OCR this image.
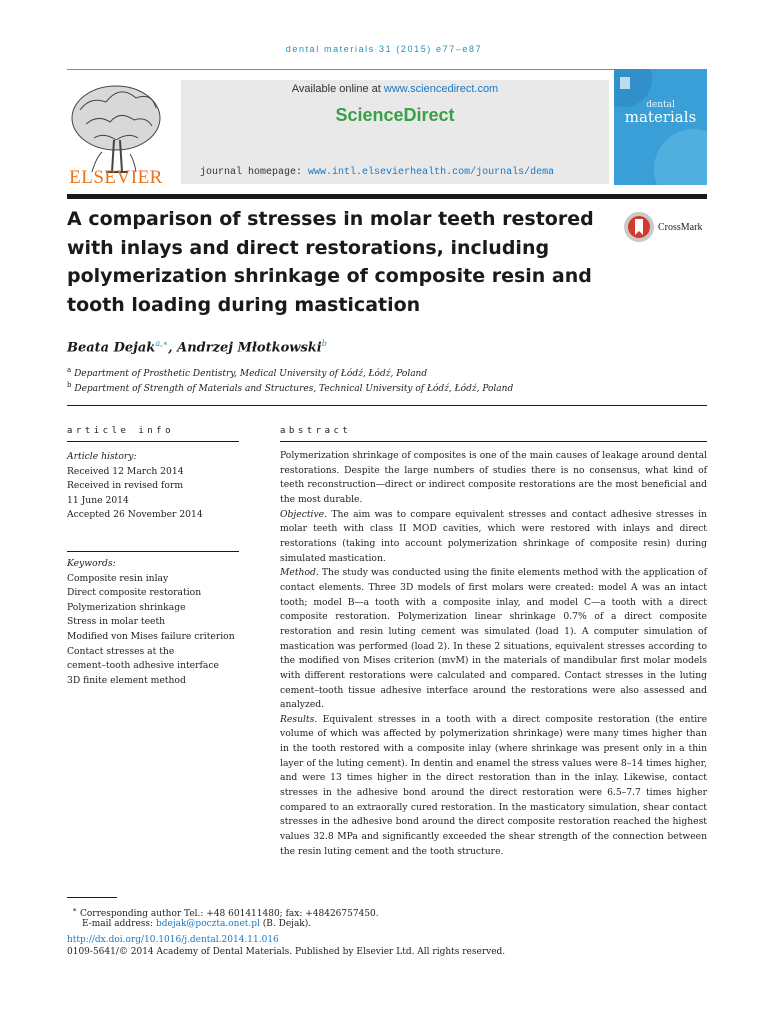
dental materials 31 (2015) e77–e87
ELSEVIER
Available online at www.sciencedirect.com
ScienceDirect
journal homepage: www.intl.elsevierhealth.com/journals/dema
dental
materials
A comparison of stresses in molar teeth restored with inlays and direct restorations, including polymerization shrinkage of composite resin and tooth loading during mastication
CrossMark
Beata Dejak$^{a,∗}$, Andrzej Młotkowski$^b$
$^a$ Department of Prosthetic Dentistry, Medical University of Łódź, Łódź, Poland
$^b$ Department of Strength of Materials and Structures, Technical University of Łódź, Łódź, Poland
article info
Article history:
Received 12 March 2014
Received in revised form
11 June 2014
Accepted 26 November 2014
Keywords:
Composite resin inlay
Direct composite restoration
Polymerization shrinkage
Stress in molar teeth
Modified von Mises failure criterion
Contact stresses at the
cement–tooth adhesive interface
3D finite element method
abstract

Polymerization shrinkage of composites is one of the main causes of leakage around dental restorations. Despite the large numbers of studies there is no consensus, what kind of teeth reconstruction—direct or indirect composite restorations are the most beneficial and the most durable.

Objective. The aim was to compare equivalent stresses and contact adhesive stresses in molar teeth with class II MOD cavities, which were restored with inlays and direct restorations (taking into account polymerization shrinkage of composite resin) during simulated mastication.

Method. The study was conducted using the finite elements method with the application of contact elements. Three 3D models of first molars were created: model A was an intact tooth; model B—a tooth with a composite inlay, and model C—a tooth with a direct composite restoration. Polymerization linear shrinkage 0.7% of a direct composite restoration and resin luting cement was simulated (load 1). A computer simulation of mastication was performed (load 2). In these 2 situations, equivalent stresses according to the modified von Mises criterion (mvM) in the materials of mandibular first molar models with different restorations were calculated and compared. Contact stresses in the luting cement–tooth tissue adhesive interface around the restorations were also assessed and analyzed.

Results. Equivalent stresses in a tooth with a direct composite restoration (the entire volume of which was affected by polymerization shrinkage) were many times higher than in the tooth restored with a composite inlay (where shrinkage was present only in a thin layer of the luting cement). In dentin and enamel the stress values were 8–14 times higher, and were 13 times higher in the direct restoration than in the inlay. Likewise, contact stresses in the adhesive bond around the direct restoration were 6.5–7.7 times higher compared to an extraorally cured restoration. In the masticatory simulation, shear contact stresses in the adhesive bond around the direct composite restoration reached the highest values 32.8 MPa and significantly exceeded the shear strength of the connection between the resin luting cement and the tooth structure.

∗ Corresponding author Tel.: +48 601411480; fax: +48426757450.
E-mail address: bdejak@poczta.onet.pl (B. Dejak).
http://dx.doi.org/10.1016/j.dental.2014.11.016
0109-5641/© 2014 Academy of Dental Materials. Published by Elsevier Ltd. All rights reserved.
